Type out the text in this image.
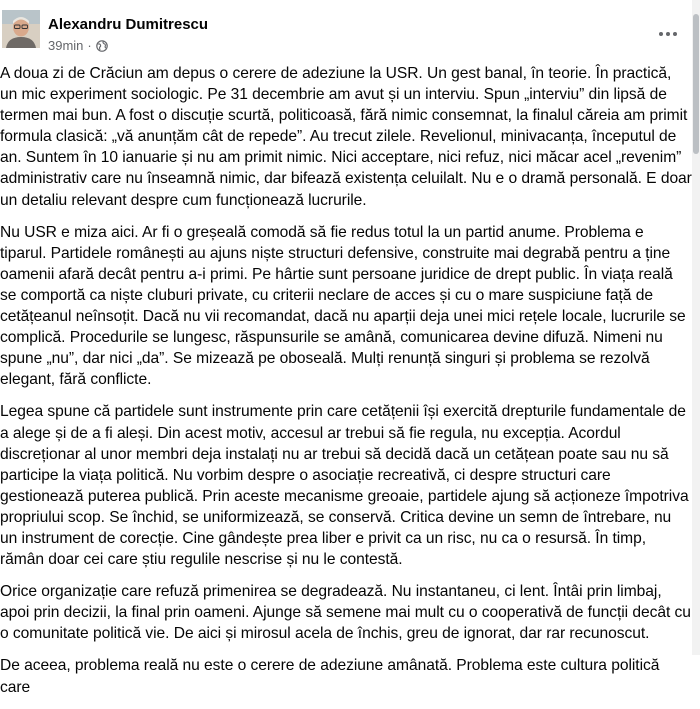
Alexandru Dumitrescu
39min ·

A doua zi de Crăciun am depus o cerere de adeziune la USR. Un gest banal, în teorie. În practică, un mic experiment sociologic. Pe 31 decembrie am avut și un interviu. Spun „interviu” din lipsă de termen mai bun. A fost o discuție scurtă, politicoasă, fără nimic consemnat, la finalul căreia am primit formula clasică: „vă anunțăm cât de repede”. Au trecut zilele. Revelionul, minivacanța, începutul de an. Suntem în 10 ianuarie și nu am primit nimic. Nici acceptare, nici refuz, nici măcar acel „revenim” administrativ care nu înseamnă nimic, dar bifează existența celuilalt. Nu e o dramă personală. E doar un detaliu relevant despre cum funcționează lucrurile.

Nu USR e miza aici. Ar fi o greșeală comodă să fie redus totul la un partid anume. Problema e tiparul. Partidele românești au ajuns niște structuri defensive, construite mai degrabă pentru a ține oamenii afară decât pentru a-i primi. Pe hârtie sunt persoane juridice de drept public. În viața reală se comportă ca niște cluburi private, cu criterii neclare de acces și cu o mare suspiciune față de cetățeanul neînsoțit. Dacă nu vii recomandat, dacă nu aparții deja unei mici rețele locale, lucrurile se complică. Procedurile se lungesc, răspunsurile se amână, comunicarea devine difuză. Nimeni nu spune „nu”, dar nici „da”. Se mizează pe oboseală. Mulți renunță singuri și problema se rezolvă elegant, fără conflicte.

Legea spune că partidele sunt instrumente prin care cetățenii își exercită drepturile fundamentale de a alege și de a fi aleși. Din acest motiv, accesul ar trebui să fie regula, nu excepția. Acordul discreționar al unor membri deja instalați nu ar trebui să decidă dacă un cetățean poate sau nu să participe la viața politică. Nu vorbim despre o asociație recreativă, ci despre structuri care gestionează puterea publică. Prin aceste mecanisme greoaie, partidele ajung să acționeze împotriva propriului scop. Se închid, se uniformizează, se conservă. Critica devine un semn de întrebare, nu un instrument de corecție. Cine gândește prea liber e privit ca un risc, nu ca o resursă. În timp, rămân doar cei care știu regulile nescrise și nu le contestă.

Orice organizație care refuză primenirea se degradează. Nu instantaneu, ci lent. Întâi prin limbaj, apoi prin decizii, la final prin oameni. Ajunge să semene mai mult cu o cooperativă de funcții decât cu o comunitate politică vie. De aici și mirosul acela de închis, greu de ignorat, dar rar recunoscut.

De aceea, problema reală nu este o cerere de adeziune amânată. Problema este cultura politică care
